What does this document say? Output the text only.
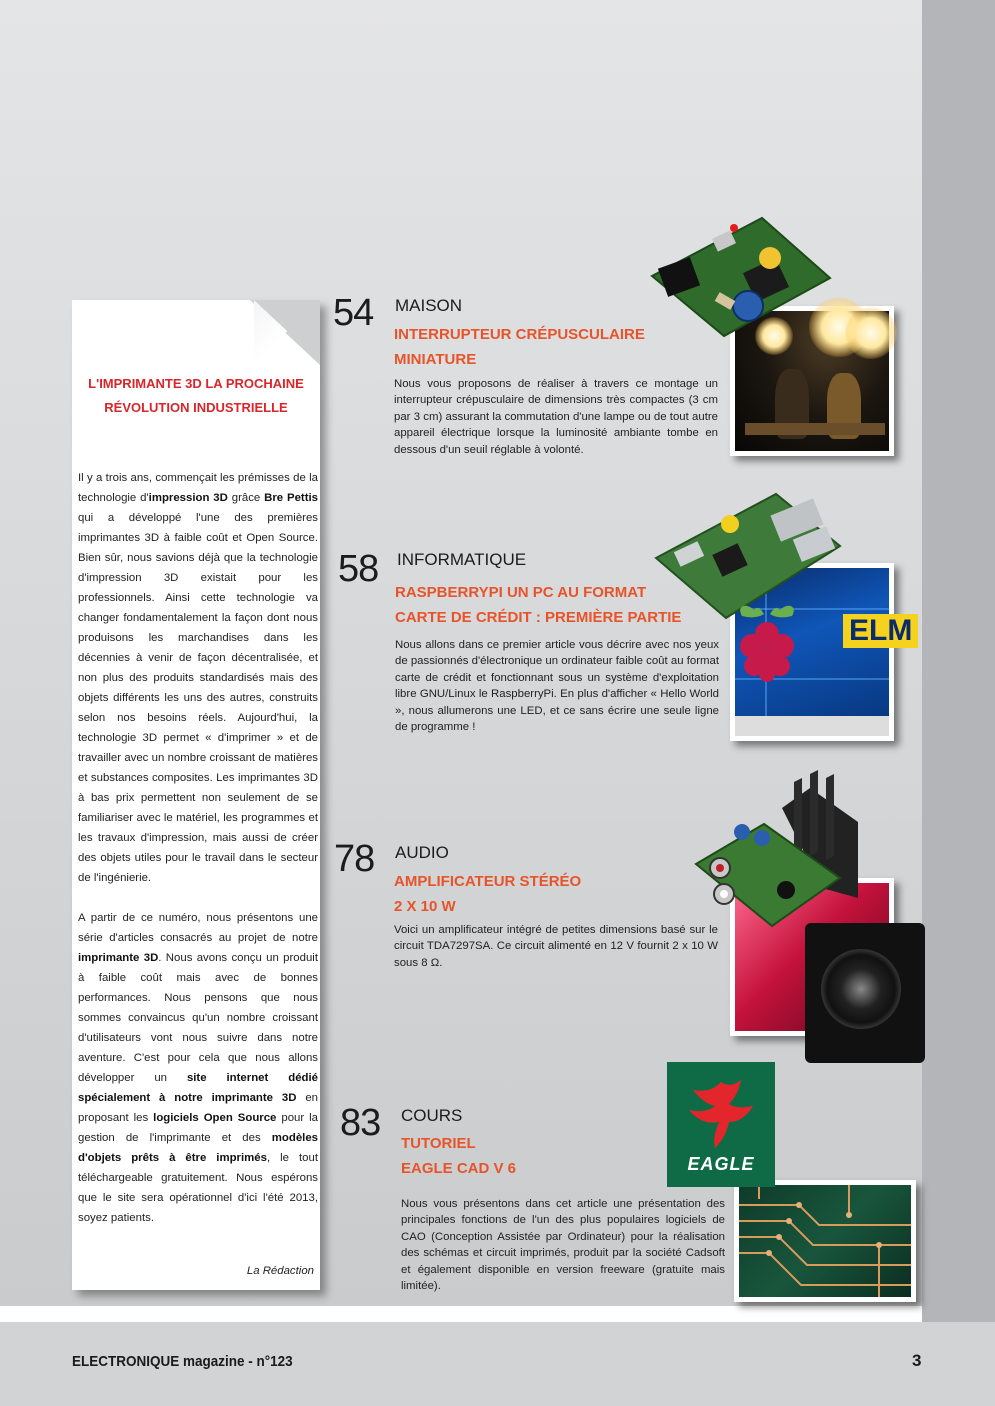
ELECTRONIQUE magazine - n°123	3
L'IMPRIMANTE 3D LA PROCHAINE
RÉVOLUTION INDUSTRIELLE

Il y a trois ans, commençait les prémisses de la technologie d'impression 3D grâce Bre Pettis qui a développé l'une des premières imprimantes 3D à faible coût et Open Source. Bien sûr, nous savions déjà que la technologie d'impression 3D existait pour les professionnels. Ainsi cette technologie va changer fondamentalement la façon dont nous produisons les marchandises dans les décennies à venir de façon décentralisée, et non plus des produits standardisés mais des objets différents les uns des autres, construits selon nos besoins réels. Aujourd'hui, la technologie 3D permet « d'imprimer » et de travailler avec un nombre croissant de matières et substances composites. Les imprimantes 3D à bas prix permettent non seulement de se familiariser avec le matériel, les programmes et les travaux d'impression, mais aussi de créer des objets utiles pour le travail dans le secteur de l'ingénierie.

A partir de ce numéro, nous présentons une série d'articles consacrés au projet de notre imprimante 3D. Nous avons conçu un produit à faible coût mais avec de bonnes performances. Nous pensons que nous sommes convaincus qu'un nombre croissant d'utilisateurs vont nous suivre dans notre aventure. C'est pour cela que nous allons développer un site internet dédié spécialement à notre imprimante 3D en proposant les logiciels Open Source pour la gestion de l'imprimante et des modèles d'objets prêts à être imprimés, le tout téléchargeable gratuitement. Nous espérons que le site sera opérationnel d'ici l'été 2013, soyez patients.

La Rédaction
54 MAISON
INTERRUPTEUR CRÉPUSCULAIRE
MINIATURE
Nous vous proposons de réaliser à travers ce montage un interrupteur crépusculaire de dimensions très compactes (3 cm par 3 cm) assurant la commutation d'une lampe ou de tout autre appareil électrique lorsque la luminosité ambiante tombe en dessous d'un seuil réglable à volonté.
58 INFORMATIQUE
RASPBERRYPI UN PC AU FORMAT
CARTE DE CRÉDIT : PREMIÈRE PARTIE
Nous allons dans ce premier article vous décrire avec nos yeux de passionnés d'électronique un ordinateur faible coût au format carte de crédit et fonctionnant sous un système d'exploitation libre GNU/Linux le RaspberryPi. En plus d'afficher « Hello World », nous allumerons une LED, et ce sans écrire une seule ligne de programme !
ELM
78 AUDIO
AMPLIFICATEUR STÉRÉO
2 X 10 W
Voici un amplificateur intégré de petites dimensions basé sur le circuit TDA7297SA. Ce circuit alimenté en 12 V fournit 2 x 10 W sous 8 Ω.
83 COURS
TUTORIEL
EAGLE CAD V 6
Nous vous présentons dans cet article une présentation des principales fonctions de l'un des plus populaires logiciels de CAO (Conception Assistée par Ordinateur) pour la réalisation des schémas et circuit imprimés, produit par la société Cadsoft et également disponible en version freeware (gratuite mais limitée).
EAGLE
